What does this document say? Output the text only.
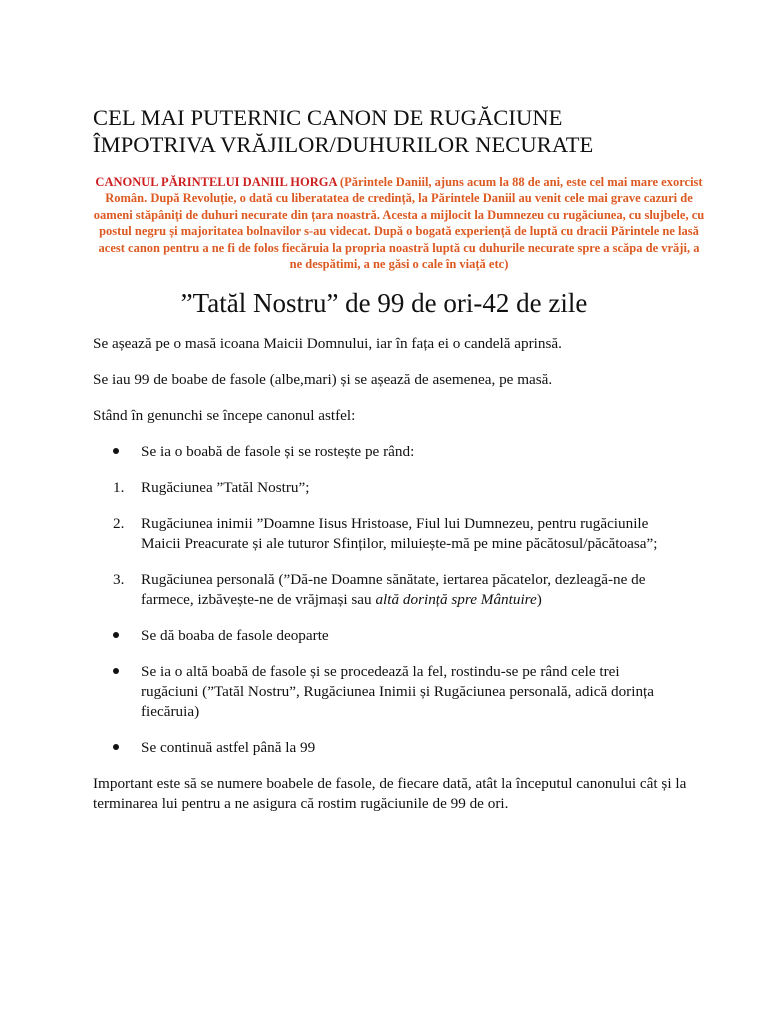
CEL MAI PUTERNIC CANON DE RUGĂCIUNE
ÎMPOTRIVA VRĂJILOR/DUHURILOR NECURATE

CANONUL PĂRINTELUI DANIIL HORGA (Părintele Daniil, ajuns acum la 88 de ani, este cel mai mare exorcist Român. După Revoluție, o dată cu liberatatea de credință, la Părintele Daniil au venit cele mai grave cazuri de oameni stăpâniți de duhuri necurate din țara noastră. Acesta a mijlocit la Dumnezeu cu rugăciunea, cu slujbele, cu postul negru și majoritatea bolnavilor s-au videcat. După o bogată experiență de luptă cu dracii Părintele ne lasă acest canon pentru a ne fi de folos fiecăruia la propria noastră luptă cu duhurile necurate spre a scăpa de vrăji, a ne despătimi, a ne găsi o cale în viață etc)

”Tatăl Nostru” de 99 de ori-42 de zile

Se așează pe o masă icoana Maicii Domnului, iar în fața ei o candelă aprinsă.

Se iau 99 de boabe de fasole (albe,mari) și se așează de asemenea, pe masă.

Stând în genunchi se începe canonul astfel:

Se ia o boabă de fasole și se rostește pe rând:
1.	Rugăciunea ”Tatăl Nostru”;
2.	Rugăciunea inimii ”Doamne Iisus Hristoase, Fiul lui Dumnezeu, pentru rugăciunile Maicii Preacurate și ale tuturor Sfinților, miluiește-mă pe mine păcătosul/păcătoasa”;
3.	Rugăciunea personală (”Dă-ne Doamne sănătate, iertarea păcatelor, dezleagă-ne de farmece, izbăvește-ne de vrăjmași sau altă dorință spre Mântuire)
Se dă boaba de fasole deoparte
Se ia o altă boabă de fasole și se procedează la fel, rostindu-se pe rând cele trei rugăciuni (”Tatăl Nostru”, Rugăciunea Inimii și Rugăciunea personală, adică dorința fiecăruia)
Se continuă astfel până la 99

Important este să se numere boabele de fasole, de fiecare dată, atât la începutul canonului cât și la terminarea lui pentru a ne asigura că rostim rugăciunile de 99 de ori.
